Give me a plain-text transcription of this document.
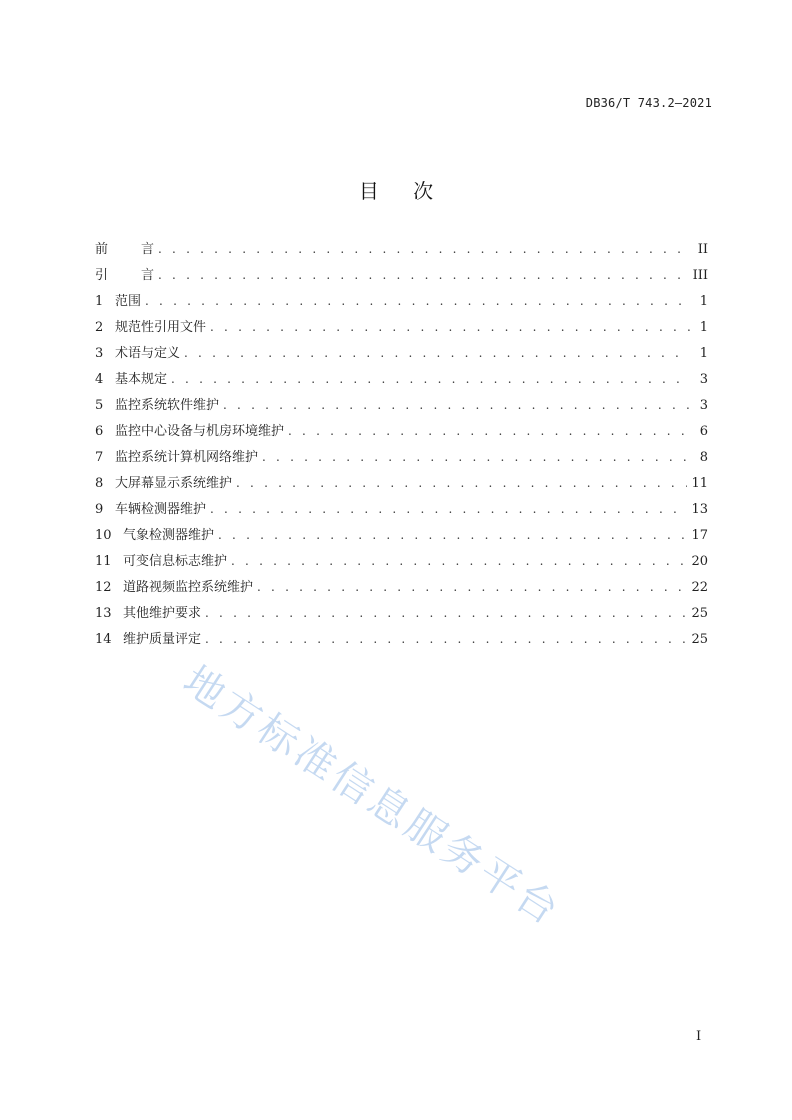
DB36/T 743.2—2021
目 次
前	言 . . .	II
引	言 . . .	III
1 范围 . . .	1
2 规范性引用文件 . . .	1
3 术语与定义 . . .	1
4 基本规定 . . .	3
5 监控系统软件维护 . . .	3
6 监控中心设备与机房环境维护 . . .	6
7 监控系统计算机网络维护 . . .	8
8 大屏幕显示系统维护 . . .	11
9 车辆检测器维护 . . .	13
10 气象检测器维护 . . .	17
11 可变信息标志维护 . . .	20
12 道路视频监控系统维护 . . .	22
13 其他维护要求 . . .	25
14 维护质量评定 . . .	25
地方标准信息服务平台
I
